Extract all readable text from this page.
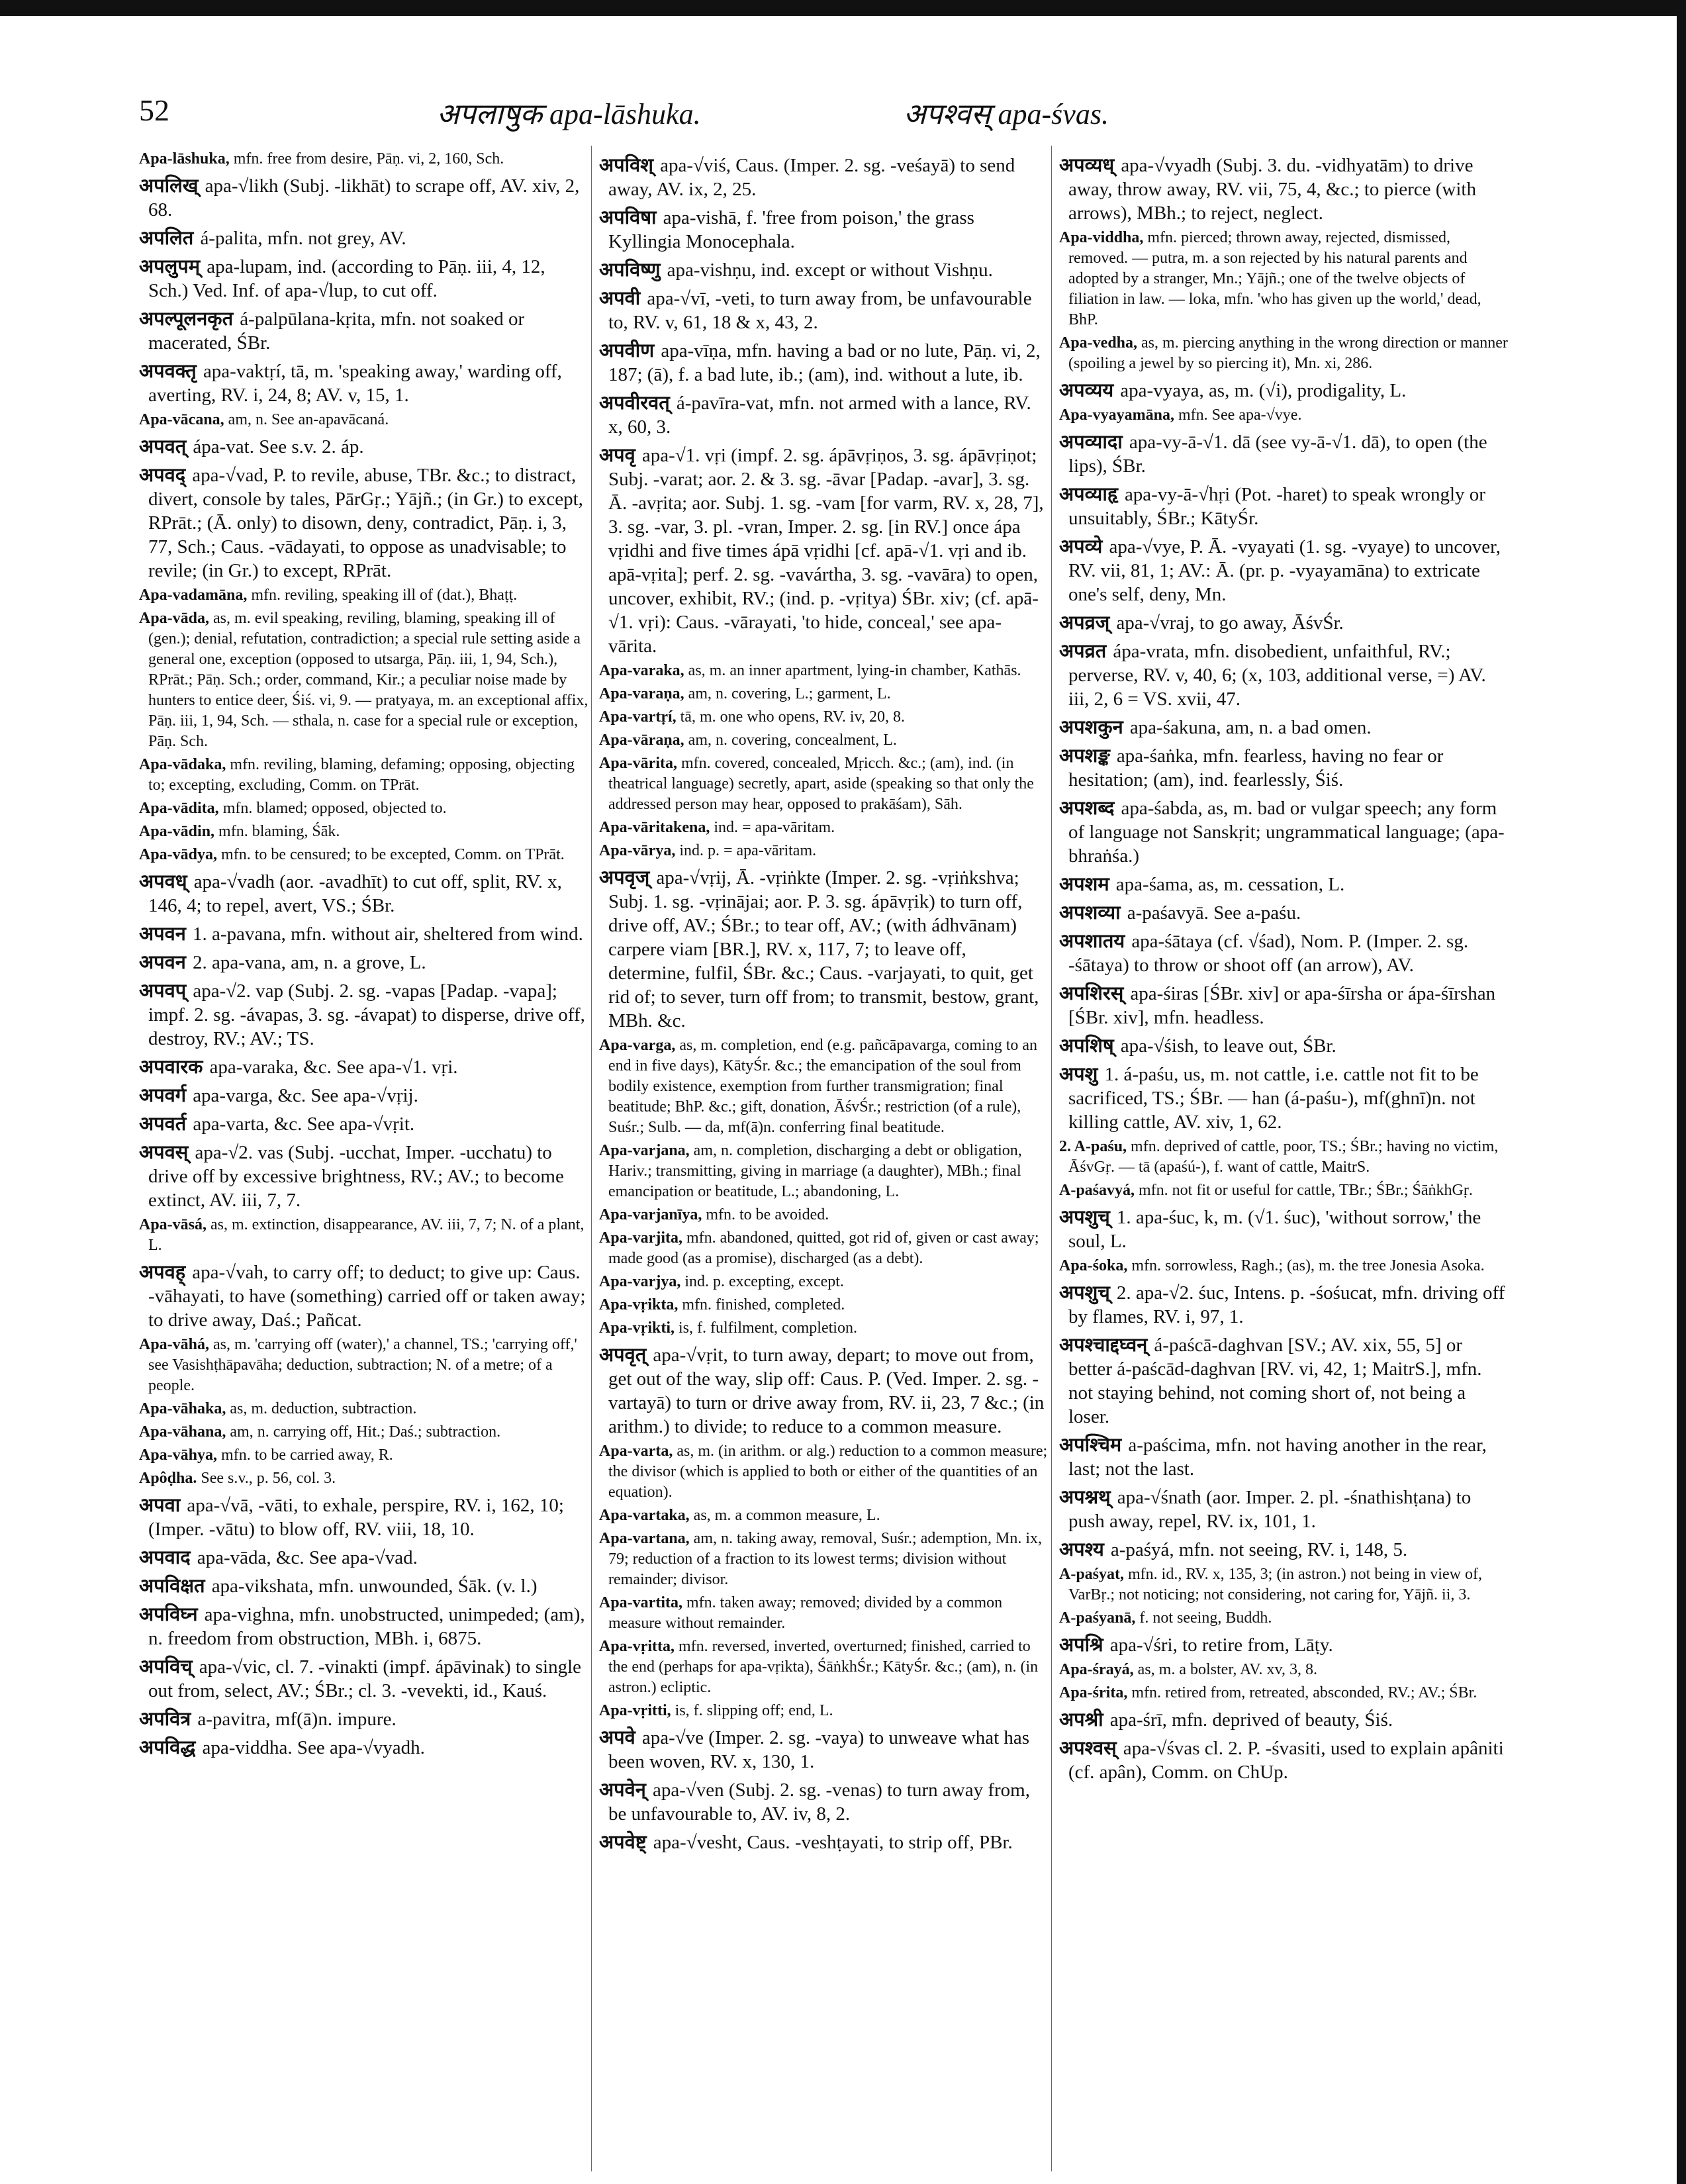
52	अपलाषुक apa-lāshuka.	अपश्वस् apa-śvas.

Apa-lāshuka, mfn. free from desire, Pāṇ. vi, 2, 160, Sch.

अपलिख् apa-√likh (Subj. -likhāt) to scrape off, AV. xiv, 2, 68.

अपलित á-palita, mfn. not grey, AV.

अपलुपम् apa-lupam, ind. (according to Pāṇ. iii, 4, 12, Sch.) Ved. Inf. of apa-√lup, to cut off.

अपल्पूलनकृत á-palpūlana-kṛita, mfn. not soaked or macerated, ŚBr.

अपवक्तृ apa-vaktṛí, tā, m. 'speaking away,' warding off, averting, RV. i, 24, 8; AV. v, 15, 1.

Apa-vācana, am, n. See an-apavācaná.

अपवत् ápa-vat. See s.v. 2. áp.

अपवद् apa-√vad, P. to revile, abuse, TBr. &c.; to distract, divert, console by tales, PārGṛ.; Yājñ.; (in Gr.) to except, RPrāt.; (Ā. only) to disown, deny, contradict, Pāṇ. i, 3, 77, Sch.; Caus. -vādayati, to oppose as unadvisable; to revile; (in Gr.) to except, RPrāt.

Apa-vadamāna, mfn. reviling, speaking ill of (dat.), Bhaṭṭ.

Apa-vāda, as, m. evil speaking, reviling, blaming, speaking ill of (gen.); denial, refutation, contradiction; a special rule setting aside a general one, exception (opposed to utsarga, Pāṇ. iii, 1, 94, Sch.), RPrāt.; Pāṇ. Sch.; order, command, Kir.; a peculiar noise made by hunters to entice deer, Śiś. vi, 9. — pratyaya, m. an exceptional affix, Pāṇ. iii, 1, 94, Sch. — sthala, n. case for a special rule or exception, Pāṇ. Sch.

Apa-vādaka, mfn. reviling, blaming, defaming; opposing, objecting to; excepting, excluding, Comm. on TPrāt.

Apa-vādita, mfn. blamed; opposed, objected to.

Apa-vādin, mfn. blaming, Śāk.

Apa-vādya, mfn. to be censured; to be excepted, Comm. on TPrāt.

अपवध् apa-√vadh (aor. -avadhīt) to cut off, split, RV. x, 146, 4; to repel, avert, VS.; ŚBr.

अपवन 1. a-pavana, mfn. without air, sheltered from wind.

अपवन 2. apa-vana, am, n. a grove, L.

अपवप् apa-√2. vap (Subj. 2. sg. -vapas [Padap. -vapa]; impf. 2. sg. -ávapas, 3. sg. -ávapat) to disperse, drive off, destroy, RV.; AV.; TS.

अपवारक apa-varaka, &c. See apa-√1. vṛi.

अपवर्ग apa-varga, &c. See apa-√vṛij.

अपवर्त apa-varta, &c. See apa-√vṛit.

अपवस् apa-√2. vas (Subj. -ucchat, Imper. -ucchatu) to drive off by excessive brightness, RV.; AV.; to become extinct, AV. iii, 7, 7.

Apa-vāsá, as, m. extinction, disappearance, AV. iii, 7, 7; N. of a plant, L.

अपवह् apa-√vah, to carry off; to deduct; to give up: Caus. -vāhayati, to have (something) carried off or taken away; to drive away, Daś.; Pañcat.

Apa-vāhá, as, m. 'carrying off (water),' a channel, TS.; 'carrying off,' see Vasishṭhāpavāha; deduction, subtraction; N. of a metre; of a people.

Apa-vāhaka, as, m. deduction, subtraction.

Apa-vāhana, am, n. carrying off, Hit.; Daś.; subtraction.

Apa-vāhya, mfn. to be carried away, R.

Apôḍha. See s.v., p. 56, col. 3.

अपवा apa-√vā, -vāti, to exhale, perspire, RV. i, 162, 10; (Imper. -vātu) to blow off, RV. viii, 18, 10.

अपवाद apa-vāda, &c. See apa-√vad.

अपविक्षत apa-vikshata, mfn. unwounded, Śāk. (v. l.)

अपविघ्न apa-vighna, mfn. unobstructed, unimpeded; (am), n. freedom from obstruction, MBh. i, 6875.

अपविच् apa-√vic, cl. 7. -vinakti (impf. ápāvinak) to single out from, select, AV.; ŚBr.; cl. 3. -vevekti, id., Kauś.

अपवित्र a-pavitra, mf(ā)n. impure.

अपविद्ध apa-viddha. See apa-√vyadh.

अपविश् apa-√viś, Caus. (Imper. 2. sg. -veśayā) to send away, AV. ix, 2, 25.

अपविषा apa-vishā, f. 'free from poison,' the grass Kyllingia Monocephala.

अपविष्णु apa-vishṇu, ind. except or without Vishṇu.

अपवी apa-√vī, -veti, to turn away from, be unfavourable to, RV. v, 61, 18 & x, 43, 2.

अपवीण apa-vīṇa, mfn. having a bad or no lute, Pāṇ. vi, 2, 187; (ā), f. a bad lute, ib.; (am), ind. without a lute, ib.

अपवीरवत् á-pavīra-vat, mfn. not armed with a lance, RV. x, 60, 3.

अपवृ apa-√1. vṛi (impf. 2. sg. ápāvṛiṇos, 3. sg. ápāvṛiṇot; Subj. -varat; aor. 2. & 3. sg. -āvar [Padap. -avar], 3. sg. Ā. -avṛita; aor. Subj. 1. sg. -vam [for varm, RV. x, 28, 7], 3. sg. -var, 3. pl. -vran, Imper. 2. sg. [in RV.] once ápa vṛidhi and five times ápā vṛidhi [cf. apā-√1. vṛi and ib. apā-vṛita]; perf. 2. sg. -vavártha, 3. sg. -vavāra) to open, uncover, exhibit, RV.; (ind. p. -vṛitya) ŚBr. xiv; (cf. apā-√1. vṛi): Caus. -vārayati, 'to hide, conceal,' see apa-vārita.

Apa-varaka, as, m. an inner apartment, lying-in chamber, Kathās.

Apa-varaṇa, am, n. covering, L.; garment, L.

Apa-vartṛí, tā, m. one who opens, RV. iv, 20, 8.

Apa-vāraṇa, am, n. covering, concealment, L.

Apa-vārita, mfn. covered, concealed, Mṛicch. &c.; (am), ind. (in theatrical language) secretly, apart, aside (speaking so that only the addressed person may hear, opposed to prakāśam), Sāh.

Apa-vāritakena, ind. = apa-vāritam.

Apa-vārya, ind. p. = apa-vāritam.

अपवृज् apa-√vṛij, Ā. -vṛiṅkte (Imper. 2. sg. -vṛiṅkshva; Subj. 1. sg. -vṛinājai; aor. P. 3. sg. ápāvṛik) to turn off, drive off, AV.; ŚBr.; to tear off, AV.; (with ádhvānam) carpere viam [BR.], RV. x, 117, 7; to leave off, determine, fulfil, ŚBr. &c.; Caus. -varjayati, to quit, get rid of; to sever, turn off from; to transmit, bestow, grant, MBh. &c.

Apa-varga, as, m. completion, end (e.g. pañcāpavarga, coming to an end in five days), KātyŚr. &c.; the emancipation of the soul from bodily existence, exemption from further transmigration; final beatitude; BhP. &c.; gift, donation, ĀśvŚr.; restriction (of a rule), Suśr.; Sulb. — da, mf(ā)n. conferring final beatitude.

Apa-varjana, am, n. completion, discharging a debt or obligation, Hariv.; transmitting, giving in marriage (a daughter), MBh.; final emancipation or beatitude, L.; abandoning, L.

Apa-varjanīya, mfn. to be avoided.

Apa-varjita, mfn. abandoned, quitted, got rid of, given or cast away; made good (as a promise), discharged (as a debt).

Apa-varjya, ind. p. excepting, except.

Apa-vṛikta, mfn. finished, completed.

Apa-vṛikti, is, f. fulfilment, completion.

अपवृत् apa-√vṛit, to turn away, depart; to move out from, get out of the way, slip off: Caus. P. (Ved. Imper. 2. sg. -vartayā) to turn or drive away from, RV. ii, 23, 7 &c.; (in arithm.) to divide; to reduce to a common measure.

Apa-varta, as, m. (in arithm. or alg.) reduction to a common measure; the divisor (which is applied to both or either of the quantities of an equation).

Apa-vartaka, as, m. a common measure, L.

Apa-vartana, am, n. taking away, removal, Suśr.; ademption, Mn. ix, 79; reduction of a fraction to its lowest terms; division without remainder; divisor.

Apa-vartita, mfn. taken away; removed; divided by a common measure without remainder.

Apa-vṛitta, mfn. reversed, inverted, overturned; finished, carried to the end (perhaps for apa-vṛikta), ŚāṅkhŚr.; KātyŚr. &c.; (am), n. (in astron.) ecliptic.

Apa-vṛitti, is, f. slipping off; end, L.

अपवे apa-√ve (Imper. 2. sg. -vaya) to unweave what has been woven, RV. x, 130, 1.

अपवेन् apa-√ven (Subj. 2. sg. -venas) to turn away from, be unfavourable to, AV. iv, 8, 2.

अपवेष्ट् apa-√vesht, Caus. -veshṭayati, to strip off, PBr.

अपव्यध् apa-√vyadh (Subj. 3. du. -vidhyatām) to drive away, throw away, RV. vii, 75, 4, &c.; to pierce (with arrows), MBh.; to reject, neglect.

Apa-viddha, mfn. pierced; thrown away, rejected, dismissed, removed. — putra, m. a son rejected by his natural parents and adopted by a stranger, Mn.; Yājñ.; one of the twelve objects of filiation in law. — loka, mfn. 'who has given up the world,' dead, BhP.

Apa-vedha, as, m. piercing anything in the wrong direction or manner (spoiling a jewel by so piercing it), Mn. xi, 286.

अपव्यय apa-vyaya, as, m. (√i), prodigality, L.

Apa-vyayamāna, mfn. See apa-√vye.

अपव्यादा apa-vy-ā-√1. dā (see vy-ā-√1. dā), to open (the lips), ŚBr.

अपव्याहृ apa-vy-ā-√hṛi (Pot. -haret) to speak wrongly or unsuitably, ŚBr.; KātyŚr.

अपव्ये apa-√vye, P. Ā. -vyayati (1. sg. -vyaye) to uncover, RV. vii, 81, 1; AV.: Ā. (pr. p. -vyayamāna) to extricate one's self, deny, Mn.

अपव्रज् apa-√vraj, to go away, ĀśvŚr.

अपव्रत ápa-vrata, mfn. disobedient, unfaithful, RV.; perverse, RV. v, 40, 6; (x, 103, additional verse, =) AV. iii, 2, 6 = VS. xvii, 47.

अपशकुन apa-śakuna, am, n. a bad omen.

अपशङ्क apa-śaṅka, mfn. fearless, having no fear or hesitation; (am), ind. fearlessly, Śiś.

अपशब्द apa-śabda, as, m. bad or vulgar speech; any form of language not Sanskṛit; ungrammatical language; (apa-bhraṅśa.)

अपशम apa-śama, as, m. cessation, L.

अपशव्या a-paśavyā. See a-paśu.

अपशातय apa-śātaya (cf. √śad), Nom. P. (Imper. 2. sg. -śātaya) to throw or shoot off (an arrow), AV.

अपशिरस् apa-śiras [ŚBr. xiv] or apa-śīrsha or ápa-śīrshan [ŚBr. xiv], mfn. headless.

अपशिष् apa-√śish, to leave out, ŚBr.

अपशु 1. á-paśu, us, m. not cattle, i.e. cattle not fit to be sacrificed, TS.; ŚBr. — han (á-paśu-), mf(ghnī)n. not killing cattle, AV. xiv, 1, 62.

2. A-paśu, mfn. deprived of cattle, poor, TS.; ŚBr.; having no victim, ĀśvGṛ. — tā (apaśú-), f. want of cattle, MaitrS.

A-paśavyá, mfn. not fit or useful for cattle, TBr.; ŚBr.; ŚāṅkhGṛ.

अपशुच् 1. apa-śuc, k, m. (√1. śuc), 'without sorrow,' the soul, L.

Apa-śoka, mfn. sorrowless, Ragh.; (as), m. the tree Jonesia Asoka.

अपशुच् 2. apa-√2. śuc, Intens. p. -śośucat, mfn. driving off by flames, RV. i, 97, 1.

अपश्चाद्दघ्वन् á-paścā-daghvan [SV.; AV. xix, 55, 5] or better á-paścād-daghvan [RV. vi, 42, 1; MaitrS.], mfn. not staying behind, not coming short of, not being a loser.

अपश्चिम a-paścima, mfn. not having another in the rear, last; not the last.

अपश्नथ् apa-√śnath (aor. Imper. 2. pl. -śnathishṭana) to push away, repel, RV. ix, 101, 1.

अपश्य a-paśyá, mfn. not seeing, RV. i, 148, 5.

A-paśyat, mfn. id., RV. x, 135, 3; (in astron.) not being in view of, VarBṛ.; not noticing; not considering, not caring for, Yājñ. ii, 3.

A-paśyanā, f. not seeing, Buddh.

अपश्रि apa-√śri, to retire from, Lāṭy.

Apa-śrayá, as, m. a bolster, AV. xv, 3, 8.

Apa-śrita, mfn. retired from, retreated, absconded, RV.; AV.; ŚBr.

अपश्री apa-śrī, mfn. deprived of beauty, Śiś.

अपश्वस् apa-√śvas cl. 2. P. -śvasiti, used to explain apâniti (cf. apân), Comm. on ChUp.
